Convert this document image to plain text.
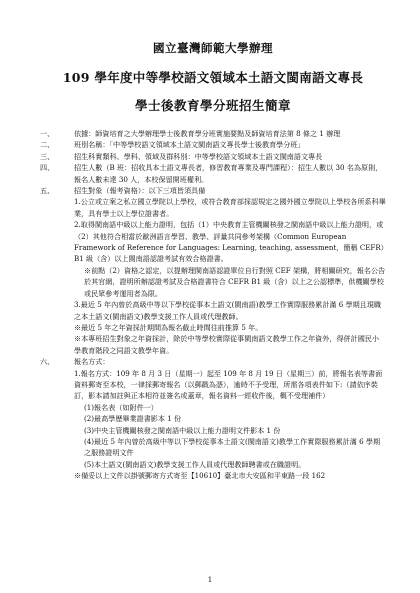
國立臺灣師範大學辦理
109 學年度中等學校語文領域本土語文閩南語文專長
學士後教育學分班招生簡章
一、	依據：師資培育之大學辦理學士後教育學分班實施要點及師資培育法第 8 條之 1 辦理
二、	班別名稱：「中等學校語文領域本土語文閩南語文專長學士後教育學分班」
三、	招生科實類科、學科、領域及群科別：中等學校語文領域本土語文閩南語文專長
四、	招生人數（B 班：招收具本土語文專長者，修習教育專業及專門課程）：招生人數以 30 名為原則，報名人數未達 30 人，本校保留開班權利。
五、	招生對象（報考資格）：以下三項皆須具備
1.公立或立案之私立國立學院以上學校，或符合教育部採認規定之國外國立學院以上學校各所系科畢業，具有學士以上學位證書者。
2.取得閩南語中級以上能力證明，包括（1）中央教育主管機關核發之閩南語中級以上能力證明，或（2）其他符合相當於歐洲語言學習、教學、評量共同參考架構（Common European Framework of Reference for Languages: Learning, teaching, assessment，簡稱 CEFR）B1 級（含）以上閩南語認證考試有效合格證書。
※前點（2）資格之認定，以提辦理閩南語認證單位自行對照 CEF 架構，將相關研究，報名公告於其官網，證明所辦認證考試及合格證書符合 CEFR B1 級（含）以上之公認標準，供機關學校或民眾參考運用者為限。
3.最近 5 年內曾於高級中等以下學校從事本土語文(閩南語)教學工作實際服務累計滿 6 學期且現職之本土語文(閩南語文)教學支援工作人員或代理教師。
※最近 5 年之年資採計期間為報名截止時間往前推算 5 年。
※本專班招生對象之年資採計，除於中等學校實際從事閩南語文教學工作之年資外，得併計國民小學教育階段之同語文教學年資。
六、	報名方式：
1.報名方式：109 年 8 月 3 日（星期一）起至 109 年 8 月 19 日（星期三）前，將報名表等書面資料郵寄至本校，一律採郵寄報名（以郵戳為憑），逾時不予受理，所需各項表件如下:（請依序裝訂，影本請加註與正本相符並簽名或蓋章，報名資料一經收件後，概不受理補件）
(1)報名表（如附件一）
(2)最高學歷畢業證書影本 1 份
(3)中央主管機關核發之閩南語中級以上能力證明文件影本 1 份
(4)最近 5 年內曾於高級中等以下學校從事本土語文(閩南語文)教學工作實際服務累計滿 6 學期之服務證明文件
(5)本土語文(閩南語文)教學支援工作人員或代理教師聘書或在職證明。
※備妥以上文件以掛號郵寄方式寄至【10610】臺北市大安區和平東路一段 162
1
